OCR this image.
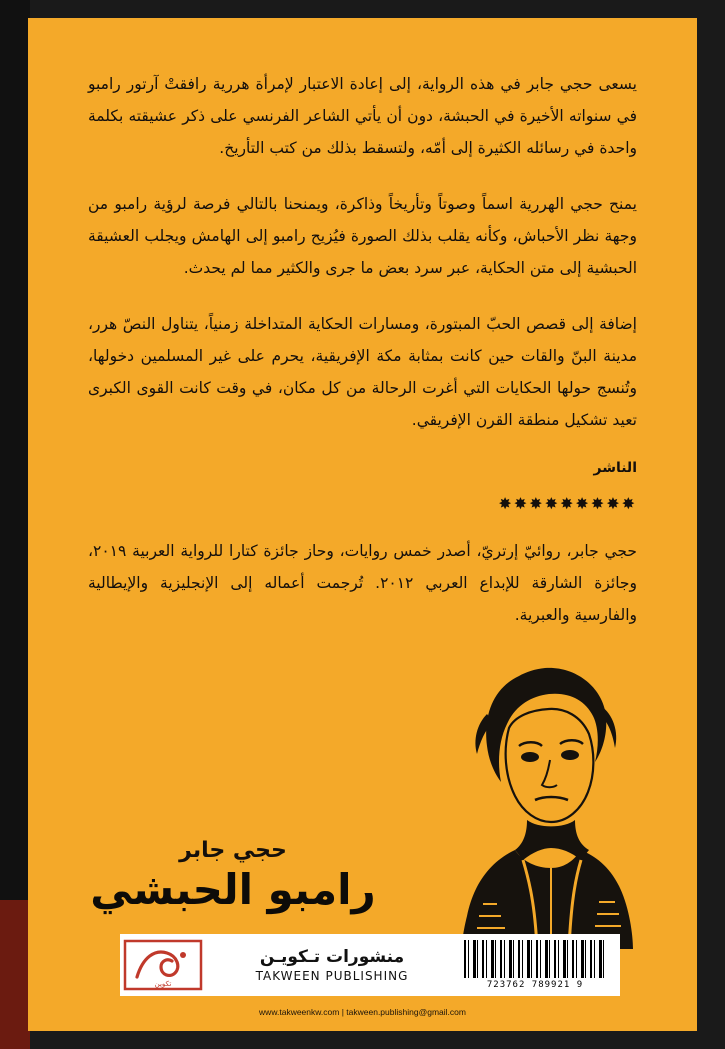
يسعى حجي جابر في هذه الرواية، إلى إعادة الاعتبار لإمرأة هررية رافقتْ آرتور رامبو في سنواته الأخيرة في الحبشة، دون أن يأتي الشاعر الفرنسي على ذكر عشيقته بكلمة واحدة في رسائله الكثيرة إلى أمّه، ولتسقط بذلك من كتب التأريخ.

يمنح حجي الهررية اسماً وصوتاً وتأريخاً وذاكرة، ويمنحنا بالتالي فرصة لرؤية رامبو من وجهة نظر الأحباش، وكأنه يقلب بذلك الصورة فيُزيح رامبو إلى الهامش ويجلب العشيقة الحبشية إلى متن الحكاية، عبر سرد بعض ما جرى والكثير مما لم يحدث.

إضافة إلى قصص الحبّ المبتورة، ومسارات الحكاية المتداخلة زمنياً، يتناول النصّ هرر، مدينة البنّ والقات حين كانت بمثابة مكة الإفريقية، يحرم على غير المسلمين دخولها، وتُنسج حولها الحكايات التي أغرت الرحالة من كل مكان، في وقت كانت القوى الكبرى تعيد تشكيل منطقة القرن الإفريقي.

الناشر

✸✸✸✸✸✸✸✸✸

حجي جابر، روائيّ إرتريّ، أصدر خمس روايات، وحاز جائزة كتارا للرواية العربية ٢٠١٩، وجائزة الشارقة للإبداع العربي ٢٠١٢. تُرجمت أعماله إلى الإنجليزية والإيطالية والفارسية والعبرية.

حجي جابر
رامبو الحبشي
9 789921 723762
منشورات تـكويـن
TAKWEEN PUBLISHING
تكوين
www.takweenkw.com | takween.publishing@gmail.com
